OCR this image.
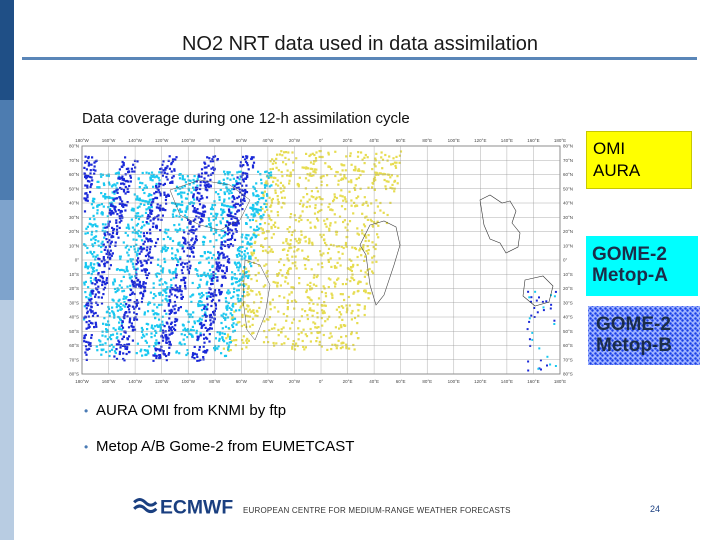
NO2 NRT data used in data assimilation
Data coverage during one 12-h assimilation cycle
180°W
180°W
160°W
160°W
140°W
140°W
120°W
120°W
100°W
100°W
80°W
80°W
60°W
60°W
40°W
40°W
20°W
20°W
0°
0°
20°E
20°E
40°E
40°E
60°E
60°E
80°E
80°E
100°E
100°E
120°E
120°E
140°E
140°E
160°E
160°E
180°E
180°E
80°N	80°N
70°N	70°N
60°N	60°N
50°N	50°N
40°N	40°N
30°N	30°N
20°N	20°N
10°N	10°N
0°	0°
10°S	10°S
20°S	20°S
30°S	30°S
40°S	40°S
50°S	50°S
60°S	60°S
70°S	70°S
80°S	80°S
OMI
AURA
GOME-2
Metop-A
GOME-2
Metop-B
• AURA OMI from KNMI by ftp
• Metop A/B Gome-2 from EUMETCAST
ECMWF EUROPEAN CENTRE FOR MEDIUM-RANGE WEATHER FORECASTS	24
